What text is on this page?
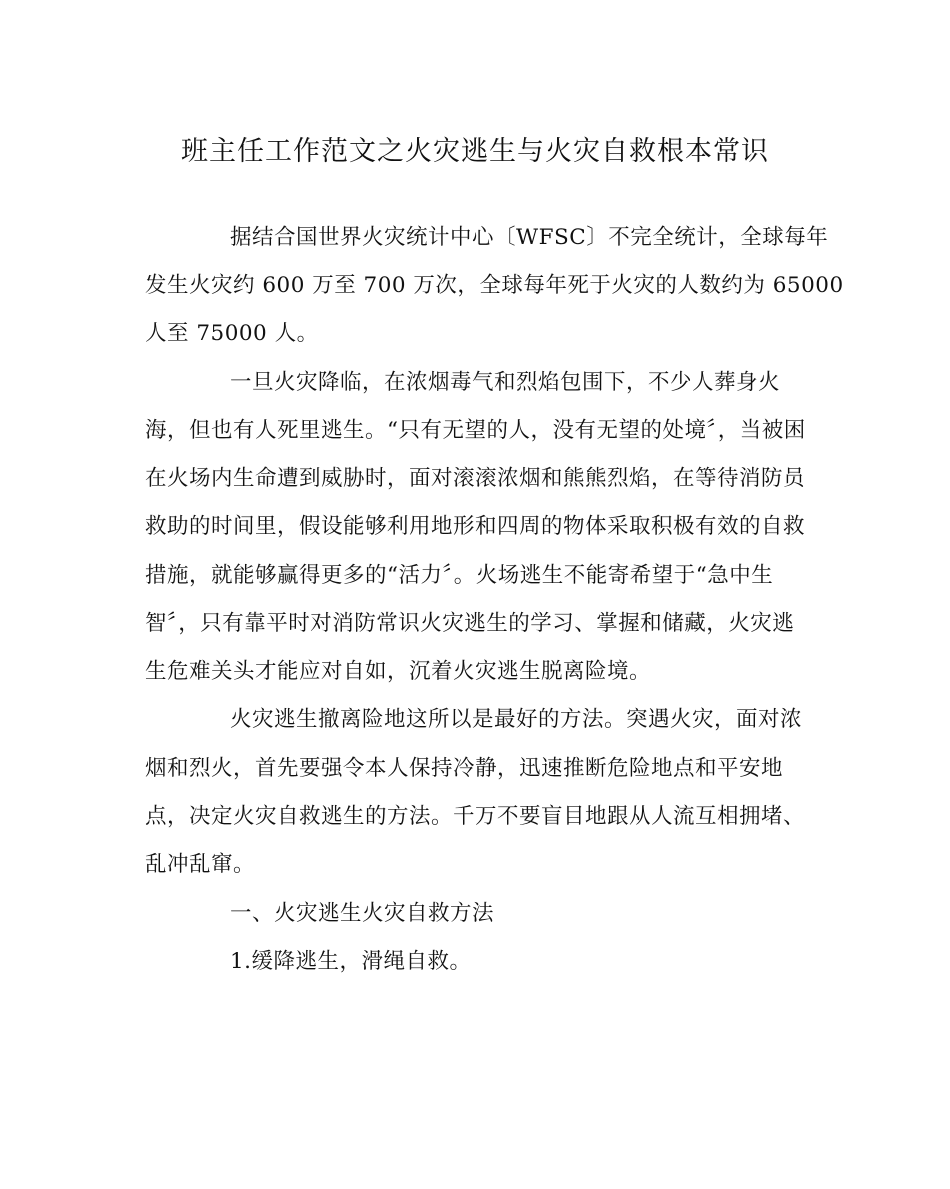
班主任工作范文之火灾逃生与火灾自救根本常识
据结合国世界火灾统计中心〔WFSC〕不完全统计，全球每年
发生火灾约 600 万至 700 万次，全球每年死于火灾的人数约为 65000
人至 75000 人。
一旦火灾降临，在浓烟毒气和烈焰包围下，不少人葬身火
海，但也有人死里逃生。“只有无望的人，没有无望的处境〞，当被困
在火场内生命遭到威胁时，面对滚滚浓烟和熊熊烈焰，在等待消防员
救助的时间里，假设能够利用地形和四周的物体采取积极有效的自救
措施，就能够赢得更多的“活力〞。火场逃生不能寄希望于“急中生
智〞，只有靠平时对消防常识火灾逃生的学习、掌握和储藏，火灾逃
生危难关头才能应对自如，沉着火灾逃生脱离险境。
火灾逃生撤离险地这所以是最好的方法。突遇火灾，面对浓
烟和烈火，首先要强令本人保持冷静，迅速推断危险地点和平安地
点，决定火灾自救逃生的方法。千万不要盲目地跟从人流互相拥堵、
乱冲乱窜。
一、火灾逃生火灾自救方法
1.缓降逃生，滑绳自救。
